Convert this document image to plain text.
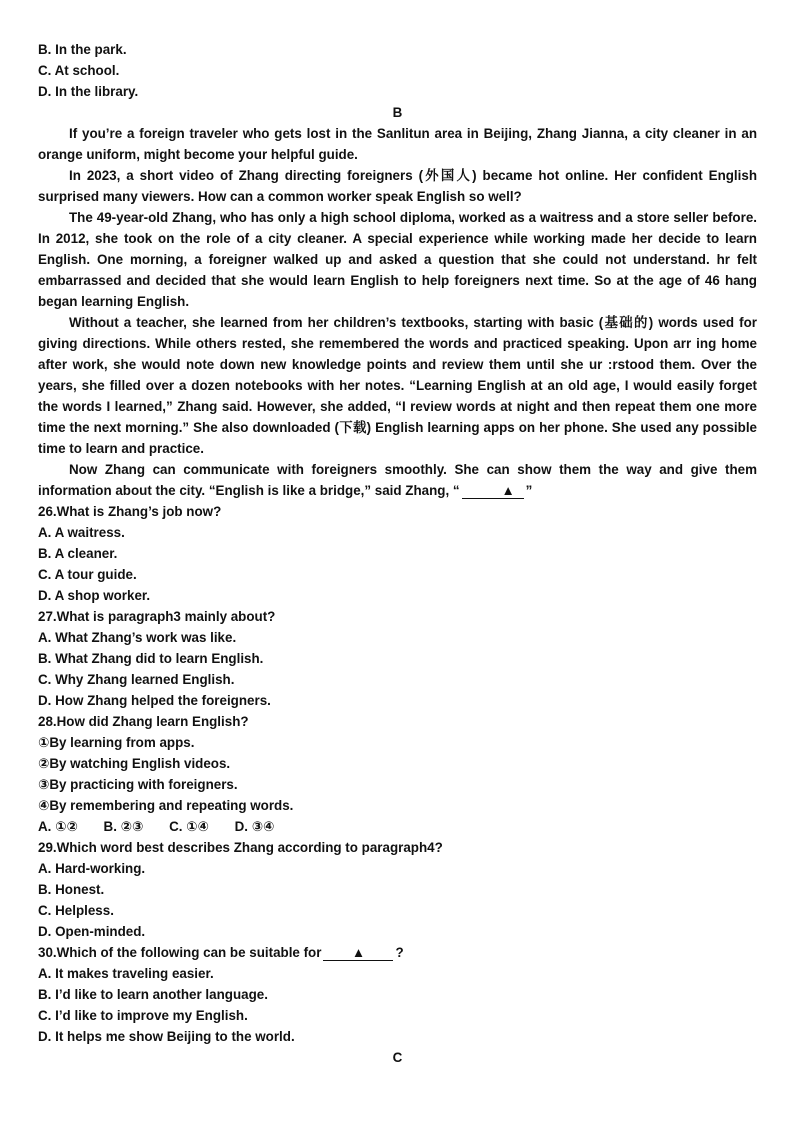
B. In the park.
C. At school.
D. In the library.
B
If you’re a foreign traveler who gets lost in the Sanlitun area in Beijing, Zhang Jianna, a city cleaner in an orange uniform, might become your helpful guide.
In 2023, a short video of Zhang directing foreigners (外国人) became hot online. Her confident English surprised many viewers. How can a common worker speak English so well?
The 49-year-old Zhang, who has only a high school diploma, worked as a waitress and a store seller before. In 2012, she took on the role of a city cleaner. A special experience while working made her decide to learn English. One morning, a foreigner walked up and asked a question that she could not understand. hr felt embarrassed and decided that she would learn English to help foreigners next time. So at the age of 46 hang began learning English.
Without a teacher, she learned from her children’s textbooks, starting with basic (基础的) words used for giving directions. While others rested, she remembered the words and practiced speaking. Upon arr ing home after work, she would note down new knowledge points and review them until she ur :rstood them. Over the years, she filled over a dozen notebooks with her notes. “Learning English at an old age, I would easily forget the words I learned,” Zhang said. However, she added, “I review words at night and then repeat them one more time the next morning.” She also downloaded (下载) English learning apps on her phone. She used any possible time to learn and practice.
Now Zhang can communicate with foreigners smoothly. She can show them the way and give them information about the city. “English is like a bridge,” said Zhang, “	▲ ”
26.What is Zhang’s job now?
A. A waitress.
B. A cleaner.
C. A tour guide.
D. A shop worker.
27.What is paragraph3 mainly about?
A. What Zhang’s work was like.
B. What Zhang did to learn English.
C. Why Zhang learned English.
D. How Zhang helped the foreigners.
28.How did Zhang learn English?
①By learning from apps.
②By watching English videos.
③By practicing with foreigners.
④By remembering and repeating words.
A. ①② B. ②③ C. ①④ D. ③④
29.Which word best describes Zhang according to paragraph4?
A. Hard-working.
B. Honest.
C. Helpless.
D. Open-minded.
30.Which of the following can be suitable for ▲ ?
A. It makes traveling easier.
B. I’d like to learn another language.
C. I’d like to improve my English.
D. It helps me show Beijing to the world.
C
